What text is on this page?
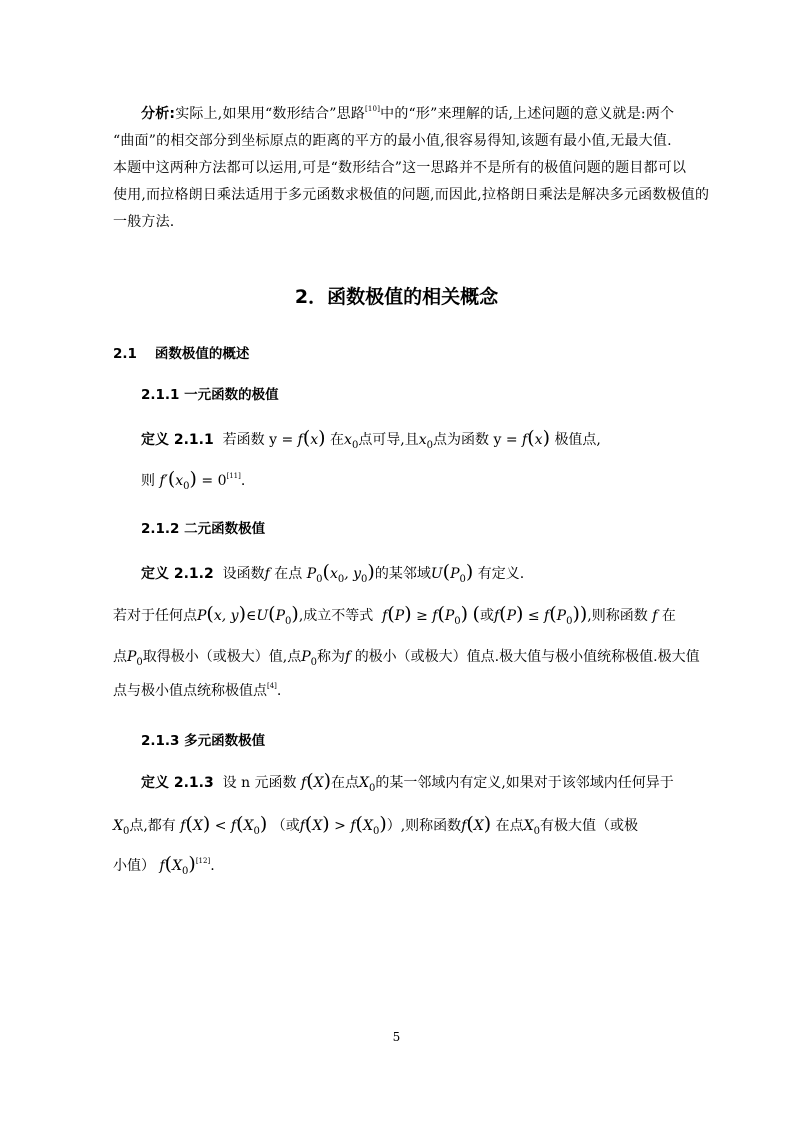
分析:实际上,如果用“数形结合”思路[10]中的“形”来理解的话,上述问题的意义就是:两个
“曲面”的相交部分到坐标原点的距离的平方的最小值,很容易得知,该题有最小值,无最大值.
本题中这两种方法都可以运用,可是“数形结合”这一思路并不是所有的极值问题的题目都可以
使用,而拉格朗日乘法适用于多元函数求极值的问题,而因此,拉格朗日乘法是解决多元函数极值的
一般方法.
2．函数极值的相关概念
2.1 函数极值的概述
2.1.1 一元函数的极值
定义 2.1.1 若函数 y = f(x) 在$x_0$点可导,且$x_0$点为函数 y = f(x) 极值点,
则 $f'(x_0) = 0[11]$.
2.1.2 二元函数极值
定义 2.1.2 设函数f 在点 $P_0(x_0$, $y_0$)的某邻域$U(P_0)$ 有定义.
若对于任何点P(x, $y)\in U(P_0)$,成立不等式 $f(P) \ge f(P_0)$ (或$f(P) \le f(P_0)$),则称函数 f 在
点$P_0$取得极小（或极大）值,点$P_0$称为f 的极小（或极大）值点.极大值与极小值统称极值.极大值
点与极小值点统称极值点[4].
2.1.3 多元函数极值
定义 2.1.3 设 n 元函数 f(X)在点$X_0$的某一邻域内有定义,如果对于该邻域内任何异于
$X_0$点,都有 $f(X) < f(X_0)$ （或$f(X) > f(X_0)$）,则称函数f(X) 在点$X_0$有极大值（或极
小值） $f(X_0)[12]$.
5
